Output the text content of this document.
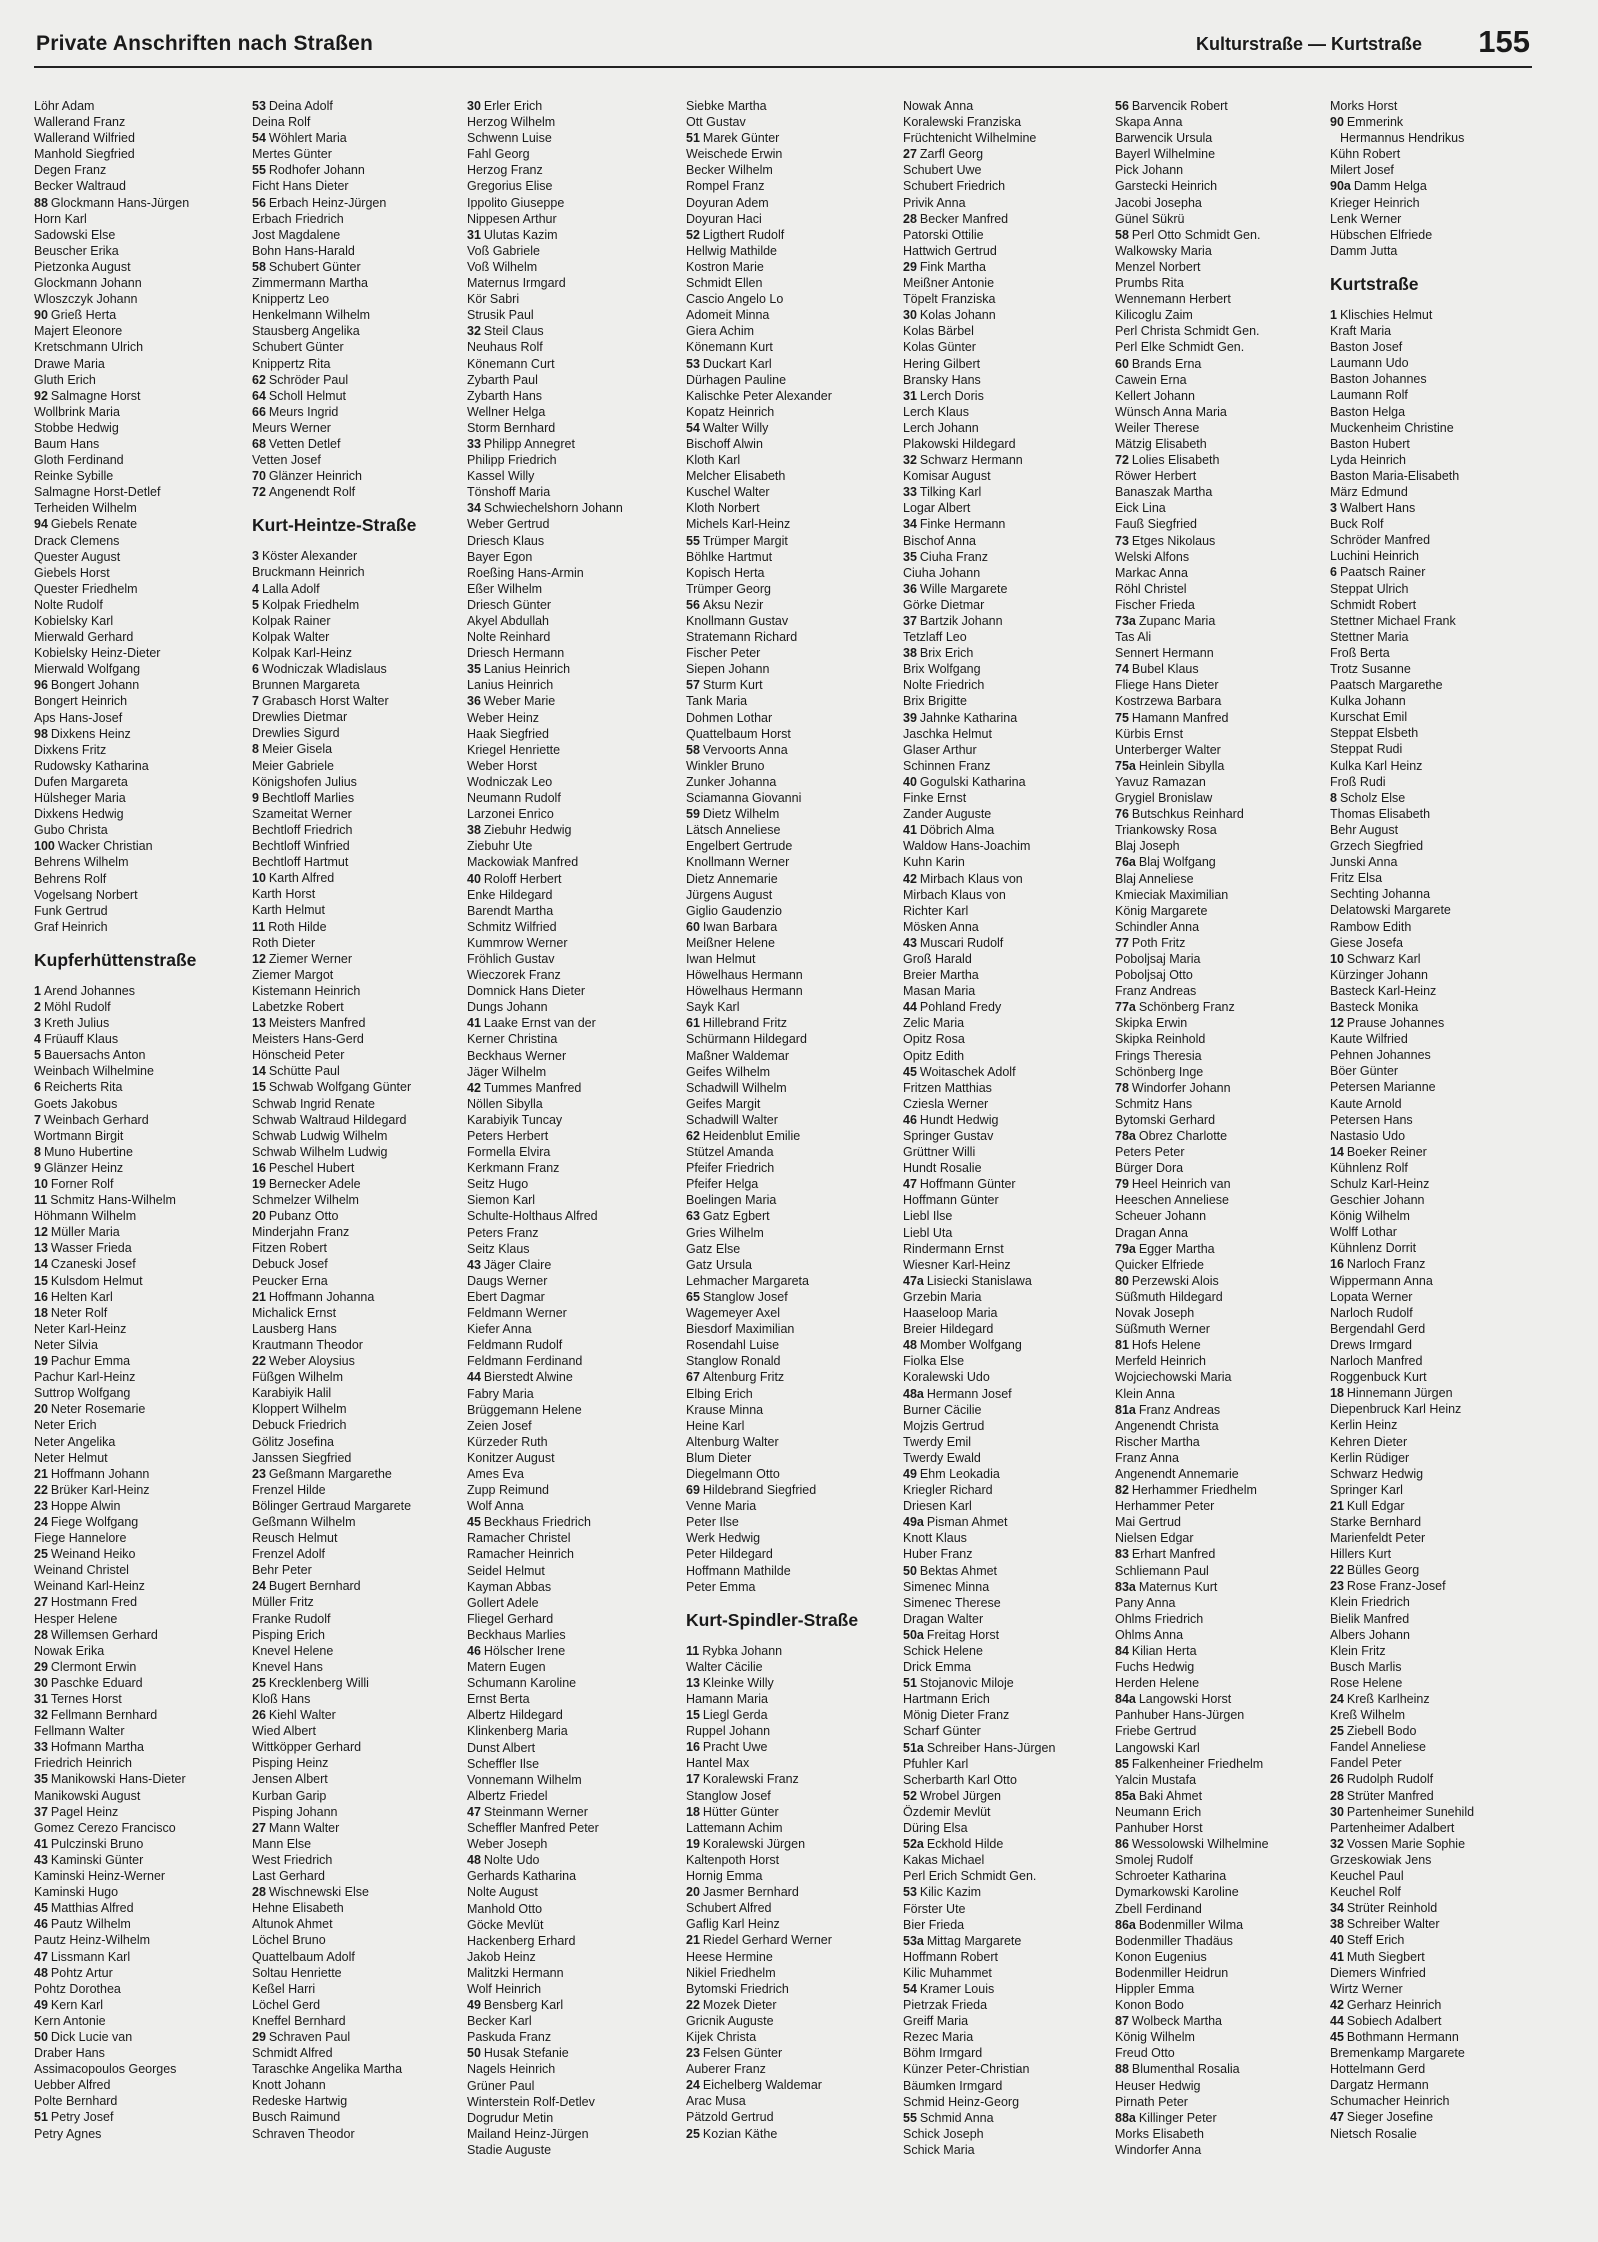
Private Anschriften nach Straßen	Kulturstraße — Kurtstraße 155
Löhr Adam
Wallerand Franz
Wallerand Wilfried
Manhold Siegfried
Degen Franz
Becker Waltraud
88 Glockmann Hans-Jürgen
Horn Karl
Sadowski Else
Beuscher Erika
Pietzonka August
Glockmann Johann
Wloszczyk Johann
90 Grieß Herta
Majert Eleonore
Kretschmann Ulrich
Drawe Maria
Gluth Erich
92 Salmagne Horst
Wollbrink Maria
Stobbe Hedwig
Baum Hans
Gloth Ferdinand
Reinke Sybille
Salmagne Horst-Detlef
Terheiden Wilhelm
94 Giebels Renate
Drack Clemens
Quester August
Giebels Horst
Quester Friedhelm
Nolte Rudolf
Kobielsky Karl
Mierwald Gerhard
Kobielsky Heinz-Dieter
Mierwald Wolfgang
96 Bongert Johann
Bongert Heinrich
Aps Hans-Josef
98 Dixkens Heinz
Dixkens Fritz
Rudowsky Katharina
Dufen Margareta
Hülsheger Maria
Dixkens Hedwig
Gubo Christa
100 Wacker Christian
Behrens Wilhelm
Behrens Rolf
Vogelsang Norbert
Funk Gertrud
Graf Heinrich
Kupferhüttenstraße
1 Arend Johannes
2 Möhl Rudolf
3 Kreth Julius
4 Früauff Klaus
5 Bauersachs Anton
Weinbach Wilhelmine
6 Reicherts Rita
Goets Jakobus
7 Weinbach Gerhard
Wortmann Birgit
8 Muno Hubertine
9 Glänzer Heinz
10 Forner Rolf
11 Schmitz Hans-Wilhelm
Höhmann Wilhelm
12 Müller Maria
13 Wasser Frieda
14 Czaneski Josef
15 Kulsdom Helmut
16 Helten Karl
18 Neter Rolf
Neter Karl-Heinz
Neter Silvia
19 Pachur Emma
Pachur Karl-Heinz
Suttrop Wolfgang
20 Neter Rosemarie
Neter Erich
Neter Angelika
Neter Helmut
21 Hoffmann Johann
22 Brüker Karl-Heinz
23 Hoppe Alwin
24 Fiege Wolfgang
Fiege Hannelore
25 Weinand Heiko
Weinand Christel
Weinand Karl-Heinz
27 Hostmann Fred
Hesper Helene
28 Willemsen Gerhard
Nowak Erika
29 Clermont Erwin
30 Paschke Eduard
31 Ternes Horst
32 Fellmann Bernhard
Fellmann Walter
33 Hofmann Martha
Friedrich Heinrich
35 Manikowski Hans-Dieter
Manikowski August
37 Pagel Heinz
Gomez Cerezo Francisco
41 Pulczinski Bruno
43 Kaminski Günter
Kaminski Heinz-Werner
Kaminski Hugo
45 Matthias Alfred
46 Pautz Wilhelm
Pautz Heinz-Wilhelm
47 Lissmann Karl
48 Pohtz Artur
Pohtz Dorothea
49 Kern Karl
Kern Antonie
50 Dick Lucie van
Draber Hans
Assimacopoulos Georges
Uebber Alfred
Polte Bernhard
51 Petry Josef
Petry Agnes
53 Deina Adolf
Deina Rolf
54 Wöhlert Maria
Mertes Günter
55 Rodhofer Johann
Ficht Hans Dieter
56 Erbach Heinz-Jürgen
Erbach Friedrich
Jost Magdalene
Bohn Hans-Harald
58 Schubert Günter
Zimmermann Martha
Knippertz Leo
Henkelmann Wilhelm
Stausberg Angelika
Schubert Günter
Knippertz Rita
62 Schröder Paul
64 Scholl Helmut
66 Meurs Ingrid
Meurs Werner
68 Vetten Detlef
Vetten Josef
70 Glänzer Heinrich
72 Angenendt Rolf
Kurt-Heintze-Straße
3 Köster Alexander
Bruckmann Heinrich
4 Lalla Adolf
5 Kolpak Friedhelm
Kolpak Rainer
Kolpak Walter
Kolpak Karl-Heinz
6 Wodniczak Wladislaus
Brunnen Margareta
7 Grabasch Horst Walter
Drewlies Dietmar
Drewlies Sigurd
8 Meier Gisela
Meier Gabriele
Königshofen Julius
9 Bechtloff Marlies
Szameitat Werner
Bechtloff Friedrich
Bechtloff Winfried
Bechtloff Hartmut
10 Karth Alfred
Karth Horst
Karth Helmut
11 Roth Hilde
Roth Dieter
12 Ziemer Werner
Ziemer Margot
Kistemann Heinrich
Labetzke Robert
13 Meisters Manfred
Meisters Hans-Gerd
Hönscheid Peter
14 Schütte Paul
15 Schwab Wolfgang Günter
Schwab Ingrid Renate
Schwab Waltraud Hildegard
Schwab Ludwig Wilhelm
Schwab Wilhelm Ludwig
16 Peschel Hubert
19 Bernecker Adele
Schmelzer Wilhelm
20 Pubanz Otto
Minderjahn Franz
Fitzen Robert
Debuck Josef
Peucker Erna
21 Hoffmann Johanna
Michalick Ernst
Lausberg Hans
Krautmann Theodor
22 Weber Aloysius
Füßgen Wilhelm
Karabiyik Halil
Kloppert Wilhelm
Debuck Friedrich
Gölitz Josefina
Janssen Siegfried
23 Geßmann Margarethe
Frenzel Hilde
Bölinger Gertraud Margarete
Geßmann Wilhelm
Reusch Helmut
Frenzel Adolf
Behr Peter
24 Bugert Bernhard
Müller Fritz
Franke Rudolf
Pisping Erich
Knevel Helene
Knevel Hans
25 Krecklenberg Willi
Kloß Hans
26 Kiehl Walter
Wied Albert
Wittköpper Gerhard
Pisping Heinz
Jensen Albert
Kurban Garip
Pisping Johann
27 Mann Walter
Mann Else
West Friedrich
Last Gerhard
28 Wischnewski Else
Hehne Elisabeth
Altunok Ahmet
Löchel Bruno
Quattelbaum Adolf
Soltau Henriette
Keßel Harri
Löchel Gerd
Kneffel Bernhard
29 Schraven Paul
Schmidt Alfred
Taraschke Angelika Martha
Knott Johann
Redeske Hartwig
Busch Raimund
Schraven Theodor
30 Erler Erich
Herzog Wilhelm
Schwenn Luise
Fahl Georg
Herzog Franz
Gregorius Elise
Ippolito Giuseppe
Nippesen Arthur
31 Ulutas Kazim
Voß Gabriele
Voß Wilhelm
Maternus Irmgard
Kör Sabri
Strusik Paul
32 Steil Claus
Neuhaus Rolf
Könemann Curt
Zybarth Paul
Zybarth Hans
Wellner Helga
Storm Bernhard
33 Philipp Annegret
Philipp Friedrich
Kassel Willy
Tönshoff Maria
34 Schwiechelshorn Johann
Weber Gertrud
Driesch Klaus
Bayer Egon
Roeßing Hans-Armin
Eßer Wilhelm
Driesch Günter
Akyel Abdullah
Nolte Reinhard
Driesch Hermann
35 Lanius Heinrich
Lanius Heinrich
36 Weber Marie
Weber Heinz
Haak Siegfried
Kriegel Henriette
Weber Horst
Wodniczak Leo
Neumann Rudolf
Larzonei Enrico
38 Ziebuhr Hedwig
Ziebuhr Ute
Mackowiak Manfred
40 Roloff Herbert
Enke Hildegard
Barendt Martha
Schmitz Wilfried
Kummrow Werner
Fröhlich Gustav
Wieczorek Franz
Domnick Hans Dieter
Dungs Johann
41 Laake Ernst van der
Kerner Christina
Beckhaus Werner
Jäger Wilhelm
42 Tummes Manfred
Nöllen Sibylla
Karabiyik Tuncay
Peters Herbert
Formella Elvira
Kerkmann Franz
Seitz Hugo
Siemon Karl
Schulte-Holthaus Alfred
Peters Franz
Seitz Klaus
43 Jäger Claire
Daugs Werner
Ebert Dagmar
Feldmann Werner
Kiefer Anna
Feldmann Rudolf
Feldmann Ferdinand
44 Bierstedt Alwine
Fabry Maria
Brüggemann Helene
Zeien Josef
Kürzeder Ruth
Konitzer August
Ames Eva
Zupp Reimund
Wolf Anna
45 Beckhaus Friedrich
Ramacher Christel
Ramacher Heinrich
Seidel Helmut
Kayman Abbas
Gollert Adele
Fliegel Gerhard
Beckhaus Marlies
46 Hölscher Irene
Matern Eugen
Schumann Karoline
Ernst Berta
Albertz Hildegard
Klinkenberg Maria
Dunst Albert
Scheffler Ilse
Vonnemann Wilhelm
Albertz Friedel
47 Steinmann Werner
Scheffler Manfred Peter
Weber Joseph
48 Nolte Udo
Gerhards Katharina
Nolte August
Manhold Otto
Göcke Mevlüt
Hackenberg Erhard
Jakob Heinz
Malitzki Hermann
Wolf Heinrich
49 Bensberg Karl
Becker Karl
Paskuda Franz
50 Husak Stefanie
Nagels Heinrich
Grüner Paul
Winterstein Rolf-Detlev
Dogrudur Metin
Mailand Heinz-Jürgen
Stadie Auguste
Siebke Martha
Ott Gustav
51 Marek Günter
Weischede Erwin
Becker Wilhelm
Rompel Franz
Doyuran Adem
Doyuran Haci
52 Ligthert Rudolf
Hellwig Mathilde
Kostron Marie
Schmidt Ellen
Cascio Angelo Lo
Adomeit Minna
Giera Achim
Könemann Kurt
53 Duckart Karl
Dürhagen Pauline
Kalischke Peter Alexander
Kopatz Heinrich
54 Walter Willy
Bischoff Alwin
Kloth Karl
Melcher Elisabeth
Kuschel Walter
Kloth Norbert
Michels Karl-Heinz
55 Trümper Margit
Böhlke Hartmut
Kopisch Herta
Trümper Georg
56 Aksu Nezir
Knollmann Gustav
Stratemann Richard
Fischer Peter
Siepen Johann
57 Sturm Kurt
Tank Maria
Dohmen Lothar
Quattelbaum Horst
58 Vervoorts Anna
Winkler Bruno
Zunker Johanna
Sciamanna Giovanni
59 Dietz Wilhelm
Lätsch Anneliese
Engelbert Gertrude
Knollmann Werner
Dietz Annemarie
Jürgens August
Giglio Gaudenzio
60 Iwan Barbara
Meißner Helene
Iwan Helmut
Höwelhaus Hermann
Höwelhaus Hermann
Sayk Karl
61 Hillebrand Fritz
Schürmann Hildegard
Maßner Waldemar
Geifes Wilhelm
Schadwill Wilhelm
Geifes Margit
Schadwill Walter
62 Heidenblut Emilie
Stützel Amanda
Pfeifer Friedrich
Pfeifer Helga
Boelingen Maria
63 Gatz Egbert
Gries Wilhelm
Gatz Else
Gatz Ursula
Lehmacher Margareta
65 Stanglow Josef
Wagemeyer Axel
Biesdorf Maximilian
Rosendahl Luise
Stanglow Ronald
67 Altenburg Fritz
Elbing Erich
Krause Minna
Heine Karl
Altenburg Walter
Blum Dieter
Diegelmann Otto
69 Hildebrand Siegfried
Venne Maria
Peter Ilse
Werk Hedwig
Peter Hildegard
Hoffmann Mathilde
Peter Emma
Kurt-Spindler-Straße
11 Rybka Johann
Walter Cäcilie
13 Kleinke Willy
Hamann Maria
15 Liegl Gerda
Ruppel Johann
16 Pracht Uwe
Hantel Max
17 Koralewski Franz
Stanglow Josef
18 Hütter Günter
Lattemann Achim
19 Koralewski Jürgen
Kaltenpoth Horst
Hornig Emma
20 Jasmer Bernhard
Schubert Alfred
Gaflig Karl Heinz
21 Riedel Gerhard Werner
Heese Hermine
Nikiel Friedhelm
Bytomski Friedrich
22 Mozek Dieter
Gricnik Auguste
Kijek Christa
23 Felsen Günter
Auberer Franz
24 Eichelberg Waldemar
Arac Musa
Pätzold Gertrud
25 Kozian Käthe
Nowak Anna
Koralewski Franziska
Früchtenicht Wilhelmine
27 Zarfl Georg
Schubert Uwe
Schubert Friedrich
Privik Anna
28 Becker Manfred
Patorski Ottilie
Hattwich Gertrud
29 Fink Martha
Meißner Antonie
Töpelt Franziska
30 Kolas Johann
Kolas Bärbel
Kolas Günter
Hering Gilbert
Bransky Hans
31 Lerch Doris
Lerch Klaus
Lerch Johann
Plakowski Hildegard
32 Schwarz Hermann
Komisar August
33 Tilking Karl
Logar Albert
34 Finke Hermann
Bischof Anna
35 Ciuha Franz
Ciuha Johann
36 Wille Margarete
Görke Dietmar
37 Bartzik Johann
Tetzlaff Leo
38 Brix Erich
Brix Wolfgang
Nolte Friedrich
Brix Brigitte
39 Jahnke Katharina
Jaschka Helmut
Glaser Arthur
Schinnen Franz
40 Gogulski Katharina
Finke Ernst
Zander Auguste
41 Döbrich Alma
Waldow Hans-Joachim
Kuhn Karin
42 Mirbach Klaus von
Mirbach Klaus von
Richter Karl
Mösken Anna
43 Muscari Rudolf
Groß Harald
Breier Martha
Masan Maria
44 Pohland Fredy
Zelic Maria
Opitz Rosa
Opitz Edith
45 Woitaschek Adolf
Fritzen Matthias
Cziesla Werner
46 Hundt Hedwig
Springer Gustav
Grüttner Willi
Hundt Rosalie
47 Hoffmann Günter
Hoffmann Günter
Liebl Ilse
Liebl Uta
Rindermann Ernst
Wiesner Karl-Heinz
47a Lisiecki Stanislawa
Grzebin Maria
Haaseloop Maria
Breier Hildegard
48 Momber Wolfgang
Fiolka Else
Koralewski Udo
48a Hermann Josef
Burner Cäcilie
Mojzis Gertrud
Twerdy Emil
Twerdy Ewald
49 Ehm Leokadia
Kriegler Richard
Driesen Karl
49a Pisman Ahmet
Knott Klaus
Huber Franz
50 Bektas Ahmet
Simenec Minna
Simenec Therese
Dragan Walter
50a Freitag Horst
Schick Helene
Drick Emma
51 Stojanovic Miloje
Hartmann Erich
Mönig Dieter Franz
Scharf Günter
51a Schreiber Hans-Jürgen
Pfuhler Karl
Scherbarth Karl Otto
52 Wrobel Jürgen
Özdemir Mevlüt
Düring Elsa
52a Eckhold Hilde
Kakas Michael
Perl Erich Schmidt Gen.
53 Kilic Kazim
Förster Ute
Bier Frieda
53a Mittag Margarete
Hoffmann Robert
Kilic Muhammet
54 Kramer Louis
Pietrzak Frieda
Greiff Maria
Rezec Maria
Böhm Irmgard
Künzer Peter-Christian
Bäumken Irmgard
Schmid Heinz-Georg
55 Schmid Anna
Schick Joseph
Schick Maria
56 Barvencik Robert
Skapa Anna
Barwencik Ursula
Bayerl Wilhelmine
Pick Johann
Garstecki Heinrich
Jacobi Josepha
Günel Sükrü
58 Perl Otto Schmidt Gen.
Walkowsky Maria
Menzel Norbert
Prumbs Rita
Wennemann Herbert
Kilicoglu Zaim
Perl Christa Schmidt Gen.
Perl Elke Schmidt Gen.
60 Brands Erna
Cawein Erna
Kellert Johann
Wünsch Anna Maria
Weiler Therese
Mätzig Elisabeth
72 Lolies Elisabeth
Röwer Herbert
Banaszak Martha
Eick Lina
Fauß Siegfried
73 Etges Nikolaus
Welski Alfons
Markac Anna
Röhl Christel
Fischer Frieda
73a Zupanc Maria
Tas Ali
Sennert Hermann
74 Bubel Klaus
Fliege Hans Dieter
Kostrzewa Barbara
75 Hamann Manfred
Kürbis Ernst
Unterberger Walter
75a Heinlein Sibylla
Yavuz Ramazan
Grygiel Bronislaw
76 Butschkus Reinhard
Triankowsky Rosa
Blaj Joseph
76a Blaj Wolfgang
Blaj Anneliese
Kmieciak Maximilian
König Margarete
Schindler Anna
77 Poth Fritz
Poboljsaj Maria
Poboljsaj Otto
Franz Andreas
77a Schönberg Franz
Skipka Erwin
Skipka Reinhold
Frings Theresia
Schönberg Inge
78 Windorfer Johann
Schmitz Hans
Bytomski Gerhard
78a Obrez Charlotte
Peters Peter
Bürger Dora
79 Heel Heinrich van
Heeschen Anneliese
Scheuer Johann
Dragan Anna
79a Egger Martha
Quicker Elfriede
80 Perzewski Alois
Süßmuth Hildegard
Novak Joseph
Süßmuth Werner
81 Hofs Helene
Merfeld Heinrich
Wojciechowski Maria
Klein Anna
81a Franz Andreas
Angenendt Christa
Rischer Martha
Franz Anna
Angenendt Annemarie
82 Herhammer Friedhelm
Herhammer Peter
Mai Gertrud
Nielsen Edgar
83 Erhart Manfred
Schliemann Paul
83a Maternus Kurt
Pany Anna
Ohlms Friedrich
Ohlms Anna
84 Kilian Herta
Fuchs Hedwig
Herden Helene
84a Langowski Horst
Panhuber Hans-Jürgen
Friebe Gertrud
Langowski Karl
85 Falkenheiner Friedhelm
Yalcin Mustafa
85a Baki Ahmet
Neumann Erich
Panhuber Horst
86 Wessolowski Wilhelmine
Smolej Rudolf
Schroeter Katharina
Dymarkowski Karoline
Zbell Ferdinand
86a Bodenmiller Wilma
Bodenmiller Thadäus
Konon Eugenius
Bodenmiller Heidrun
Hippler Emma
Konon Bodo
87 Wolbeck Martha
König Wilhelm
Freud Otto
88 Blumenthal Rosalia
Heuser Hedwig
Pirnath Peter
88a Killinger Peter
Morks Elisabeth
Windorfer Anna
Morks Horst
90 Emmerink
Hermannus Hendrikus
Kühn Robert
Milert Josef
90a Damm Helga
Krieger Heinrich
Lenk Werner
Hübschen Elfriede
Damm Jutta
Kurtstraße
1 Klischies Helmut
Kraft Maria
Baston Josef
Laumann Udo
Baston Johannes
Laumann Rolf
Baston Helga
Muckenheim Christine
Baston Hubert
Lyda Heinrich
Baston Maria-Elisabeth
März Edmund
3 Walbert Hans
Buck Rolf
Schröder Manfred
Luchini Heinrich
6 Paatsch Rainer
Steppat Ulrich
Schmidt Robert
Stettner Michael Frank
Stettner Maria
Froß Berta
Trotz Susanne
Paatsch Margarethe
Kulka Johann
Kurschat Emil
Steppat Elsbeth
Steppat Rudi
Kulka Karl Heinz
Froß Rudi
8 Scholz Else
Thomas Elisabeth
Behr August
Grzech Siegfried
Junski Anna
Fritz Elsa
Sechting Johanna
Delatowski Margarete
Rambow Edith
Giese Josefa
10 Schwarz Karl
Kürzinger Johann
Basteck Karl-Heinz
Basteck Monika
12 Prause Johannes
Kaute Wilfried
Pehnen Johannes
Böer Günter
Petersen Marianne
Kaute Arnold
Petersen Hans
Nastasio Udo
14 Boeker Reiner
Kühnlenz Rolf
Schulz Karl-Heinz
Geschier Johann
König Wilhelm
Wolff Lothar
Kühnlenz Dorrit
16 Narloch Franz
Wippermann Anna
Lopata Werner
Narloch Rudolf
Bergendahl Gerd
Drews Irmgard
Narloch Manfred
Roggenbuck Kurt
18 Hinnemann Jürgen
Diepenbruck Karl Heinz
Kerlin Heinz
Kehren Dieter
Kerlin Rüdiger
Schwarz Hedwig
Springer Karl
21 Kull Edgar
Starke Bernhard
Marienfeldt Peter
Hillers Kurt
22 Bülles Georg
23 Rose Franz-Josef
Klein Friedrich
Bielik Manfred
Albers Johann
Klein Fritz
Busch Marlis
Rose Helene
24 Kreß Karlheinz
Kreß Wilhelm
25 Ziebell Bodo
Fandel Anneliese
Fandel Peter
26 Rudolph Rudolf
28 Strüter Manfred
30 Partenheimer Sunehild
Partenheimer Adalbert
32 Vossen Marie Sophie
Grzeskowiak Jens
Keuchel Paul
Keuchel Rolf
34 Strüter Reinhold
38 Schreiber Walter
40 Steff Erich
41 Muth Siegbert
Diemers Winfried
Wirtz Werner
42 Gerharz Heinrich
44 Sobiech Adalbert
45 Bothmann Hermann
Bremenkamp Margarete
Hottelmann Gerd
Dargatz Hermann
Schumacher Heinrich
47 Sieger Josefine
Nietsch Rosalie
